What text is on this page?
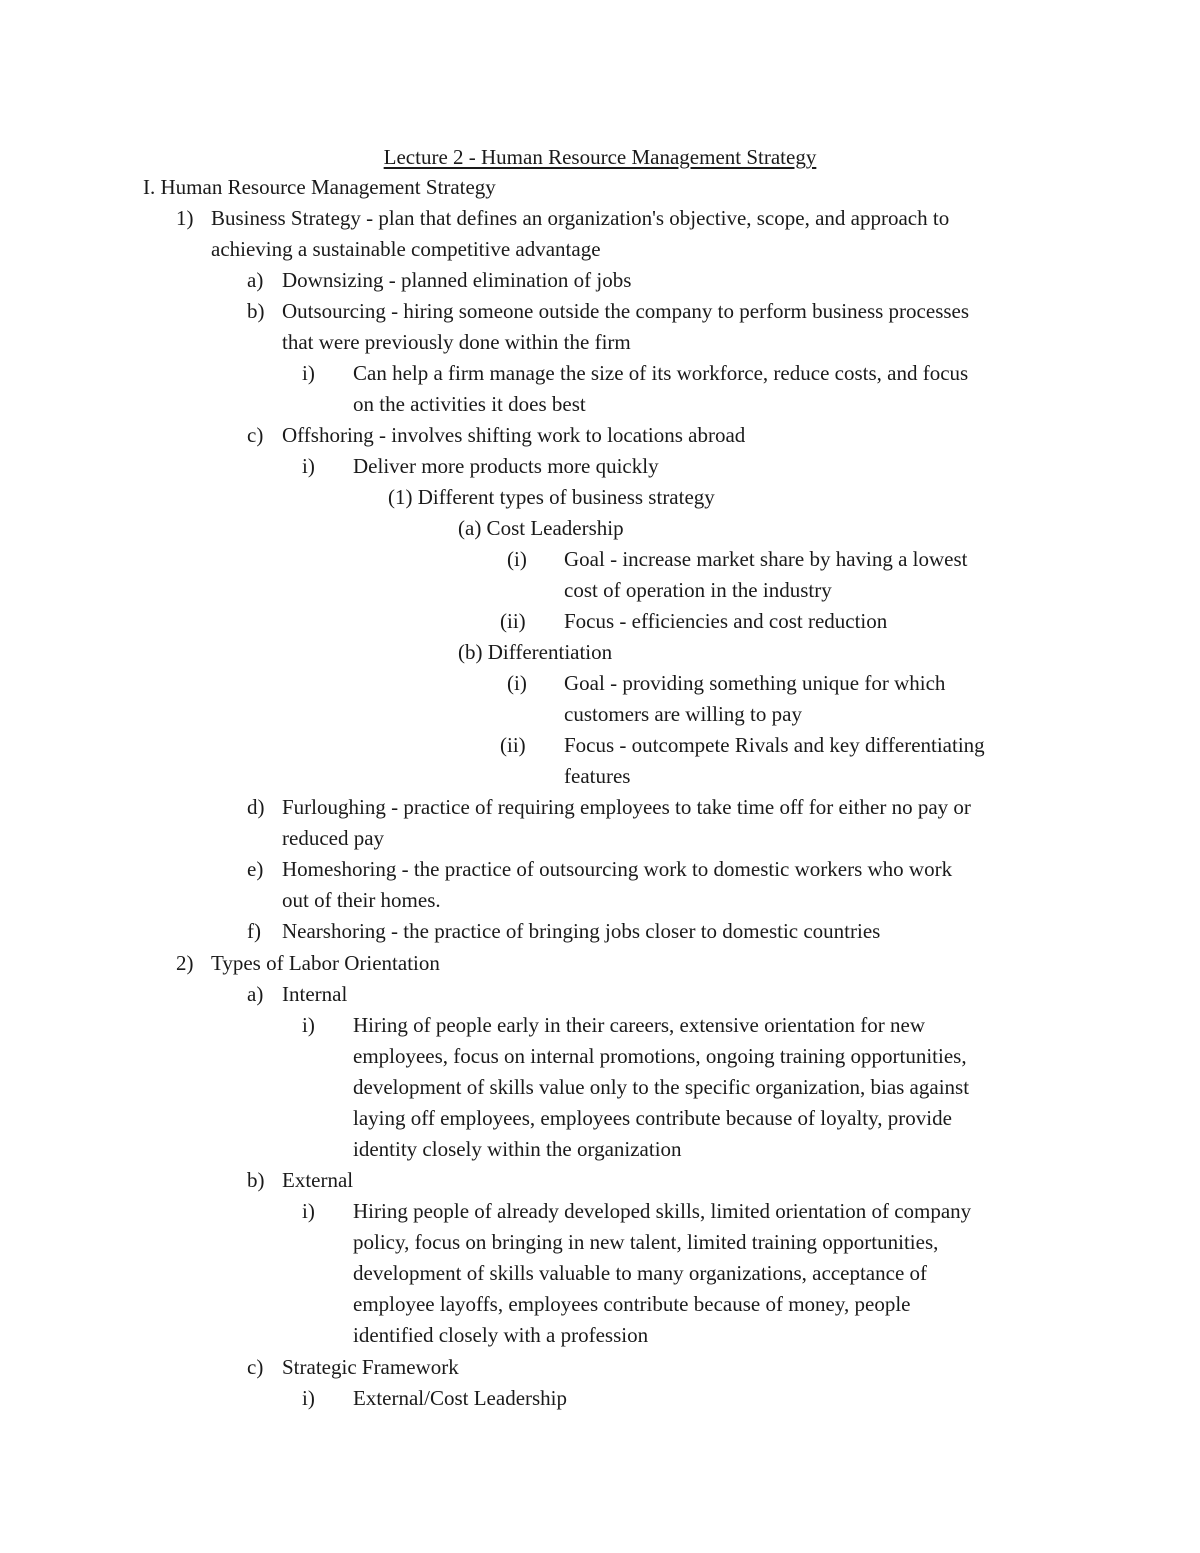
Lecture 2 - Human Resource Management Strategy
I. Human Resource Management Strategy
1) Business Strategy - plan that defines an organization's objective, scope, and approach to
achieving a sustainable competitive advantage
a) Downsizing - planned elimination of jobs
b) Outsourcing - hiring someone outside the company to perform business processes
that were previously done within the firm
i) Can help a firm manage the size of its workforce, reduce costs, and focus
on the activities it does best
c) Offshoring - involves shifting work to locations abroad
i) Deliver more products more quickly
(1) Different types of business strategy
(a) Cost Leadership
(i) Goal - increase market share by having a lowest
cost of operation in the industry
(ii) Focus - efficiencies and cost reduction
(b) Differentiation
(i) Goal - providing something unique for which
customers are willing to pay
(ii) Focus - outcompete Rivals and key differentiating
features
d) Furloughing - practice of requiring employees to take time off for either no pay or
reduced pay
e) Homeshoring - the practice of outsourcing work to domestic workers who work
out of their homes.
f) Nearshoring - the practice of bringing jobs closer to domestic countries
2) Types of Labor Orientation
a) Internal
i) Hiring of people early in their careers, extensive orientation for new
employees, focus on internal promotions, ongoing training opportunities,
development of skills value only to the specific organization, bias against
laying off employees, employees contribute because of loyalty, provide
identity closely within the organization
b) External
i) Hiring people of already developed skills, limited orientation of company
policy, focus on bringing in new talent, limited training opportunities,
development of skills valuable to many organizations, acceptance of
employee layoffs, employees contribute because of money, people
identified closely with a profession
c) Strategic Framework
i) External/Cost Leadership
